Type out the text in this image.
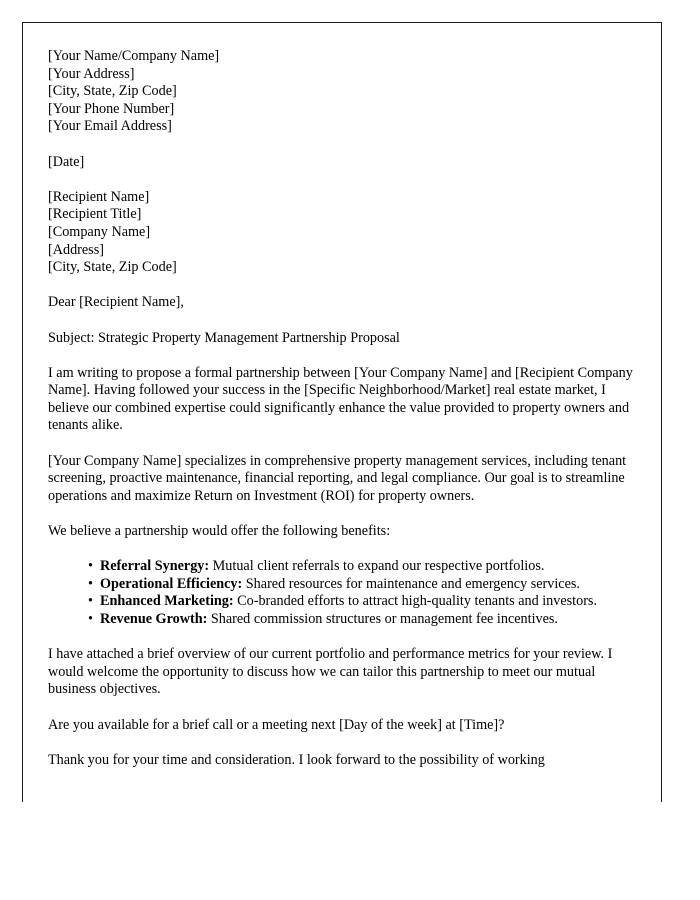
[Your Name/Company Name]
[Your Address]
[City, State, Zip Code]
[Your Phone Number]
[Your Email Address]
[Date]
[Recipient Name]
[Recipient Title]
[Company Name]
[Address]
[City, State, Zip Code]
Dear [Recipient Name],
Subject: Strategic Property Management Partnership Proposal

I am writing to propose a formal partnership between [Your Company Name] and [Recipient Company Name]. Having followed your success in the [Specific Neighborhood/Market] real estate market, I believe our combined expertise could significantly enhance the value provided to property owners and tenants alike.

[Your Company Name] specializes in comprehensive property management services, including tenant screening, proactive maintenance, financial reporting, and legal compliance. Our goal is to streamline operations and maximize Return on Investment (ROI) for property owners.

We believe a partnership would offer the following benefits:

• Referral Synergy: Mutual client referrals to expand our respective portfolios.
• Operational Efficiency: Shared resources for maintenance and emergency services.
• Enhanced Marketing: Co-branded efforts to attract high-quality tenants and investors.
• Revenue Growth: Shared commission structures or management fee incentives.

I have attached a brief overview of our current portfolio and performance metrics for your review. I would welcome the opportunity to discuss how we can tailor this partnership to meet our mutual business objectives.

Are you available for a brief call or a meeting next [Day of the week] at [Time]?

Thank you for your time and consideration. I look forward to the possibility of working
